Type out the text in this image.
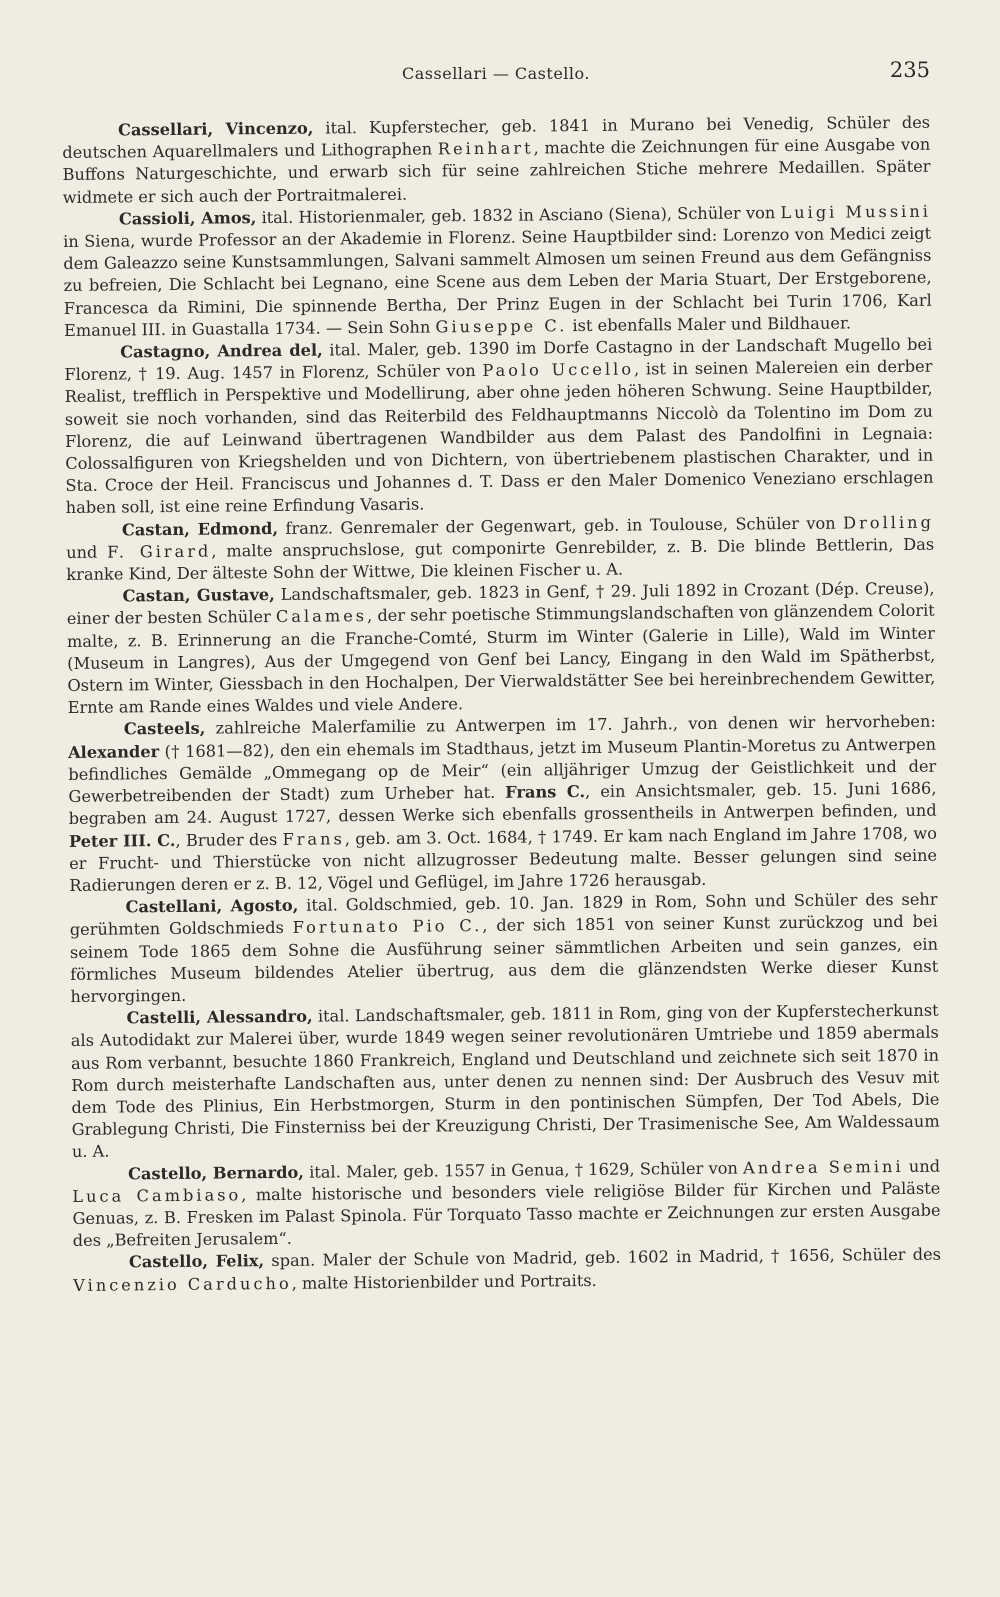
Cassellari — Castello.	235

Cassellari, Vincenzo, ital. Kupferstecher, geb. 1841 in Murano bei Venedig, Schüler des deutschen Aquarellmalers und Lithographen Reinhart, machte die Zeichnungen für eine Ausgabe von Buffons Naturgeschichte, und erwarb sich für seine zahlreichen Stiche mehrere Medaillen. Später widmete er sich auch der Portraitmalerei.

Cassioli, Amos, ital. Historienmaler, geb. 1832 in Asciano (Siena), Schüler von Luigi Mussini in Siena, wurde Professor an der Akademie in Florenz. Seine Hauptbilder sind: Lorenzo von Medici zeigt dem Galeazzo seine Kunstsammlungen, Salvani sammelt Almosen um seinen Freund aus dem Gefängniss zu befreien, Die Schlacht bei Legnano, eine Scene aus dem Leben der Maria Stuart, Der Erstgeborene, Francesca da Rimini, Die spinnende Bertha, Der Prinz Eugen in der Schlacht bei Turin 1706, Karl Emanuel III. in Guastalla 1734. — Sein Sohn Giuseppe C. ist ebenfalls Maler und Bildhauer.

Castagno, Andrea del, ital. Maler, geb. 1390 im Dorfe Castagno in der Landschaft Mugello bei Florenz, † 19. Aug. 1457 in Florenz, Schüler von Paolo Uccello, ist in seinen Malereien ein derber Realist, trefflich in Perspektive und Modellirung, aber ohne jeden höheren Schwung. Seine Hauptbilder, soweit sie noch vorhanden, sind das Reiterbild des Feldhauptmanns Niccolò da Tolentino im Dom zu Florenz, die auf Leinwand übertragenen Wandbilder aus dem Palast des Pandolfini in Legnaia: Colossalfiguren von Kriegshelden und von Dichtern, von übertriebenem plastischen Charakter, und in Sta. Croce der Heil. Franciscus und Johannes d. T. Dass er den Maler Domenico Veneziano erschlagen haben soll, ist eine reine Erfindung Vasaris.

Castan, Edmond, franz. Genremaler der Gegenwart, geb. in Toulouse, Schüler von Drolling und F. Girard, malte anspruchslose, gut componirte Genrebilder, z. B. Die blinde Bettlerin, Das kranke Kind, Der älteste Sohn der Wittwe, Die kleinen Fischer u. A.

Castan, Gustave, Landschaftsmaler, geb. 1823 in Genf, † 29. Juli 1892 in Crozant (Dép. Creuse), einer der besten Schüler Calames, der sehr poetische Stimmungslandschaften von glänzendem Colorit malte, z. B. Erinnerung an die Franche-Comté, Sturm im Winter (Galerie in Lille), Wald im Winter (Museum in Langres), Aus der Umgegend von Genf bei Lancy, Eingang in den Wald im Spätherbst, Ostern im Winter, Giessbach in den Hochalpen, Der Vierwaldstätter See bei hereinbrechendem Gewitter, Ernte am Rande eines Waldes und viele Andere.

Casteels, zahlreiche Malerfamilie zu Antwerpen im 17. Jahrh., von denen wir hervorheben: Alexander († 1681—82), den ein ehemals im Stadthaus, jetzt im Museum Plantin-Moretus zu Antwerpen befindliches Gemälde „Ommegang op de Meir“ (ein alljähriger Umzug der Geistlichkeit und der Gewerbetreibenden der Stadt) zum Urheber hat. Frans C., ein Ansichtsmaler, geb. 15. Juni 1686, begraben am 24. August 1727, dessen Werke sich ebenfalls grossentheils in Antwerpen befinden, und Peter III. C., Bruder des Frans, geb. am 3. Oct. 1684, † 1749. Er kam nach England im Jahre 1708, wo er Frucht- und Thierstücke von nicht allzugrosser Bedeutung malte. Besser gelungen sind seine Radierungen deren er z. B. 12, Vögel und Geflügel, im Jahre 1726 herausgab.

Castellani, Agosto, ital. Goldschmied, geb. 10. Jan. 1829 in Rom, Sohn und Schüler des sehr gerühmten Goldschmieds Fortunato Pio C., der sich 1851 von seiner Kunst zurückzog und bei seinem Tode 1865 dem Sohne die Ausführung seiner sämmtlichen Arbeiten und sein ganzes, ein förmliches Museum bildendes Atelier übertrug, aus dem die glänzendsten Werke dieser Kunst hervorgingen.

Castelli, Alessandro, ital. Landschaftsmaler, geb. 1811 in Rom, ging von der Kupferstecherkunst als Autodidakt zur Malerei über, wurde 1849 wegen seiner revolutionären Umtriebe und 1859 abermals aus Rom verbannt, besuchte 1860 Frankreich, England und Deutschland und zeichnete sich seit 1870 in Rom durch meisterhafte Landschaften aus, unter denen zu nennen sind: Der Ausbruch des Vesuv mit dem Tode des Plinius, Ein Herbstmorgen, Sturm in den pontinischen Sümpfen, Der Tod Abels, Die Grablegung Christi, Die Finsterniss bei der Kreuzigung Christi, Der Trasimenische See, Am Waldessaum u. A.

Castello, Bernardo, ital. Maler, geb. 1557 in Genua, † 1629, Schüler von Andrea Semini und Luca Cambiaso, malte historische und besonders viele religiöse Bilder für Kirchen und Paläste Genuas, z. B. Fresken im Palast Spinola. Für Torquato Tasso machte er Zeichnungen zur ersten Ausgabe des „Befreiten Jerusalem“.

Castello, Felix, span. Maler der Schule von Madrid, geb. 1602 in Madrid, † 1656, Schüler des Vincenzio Carducho, malte Historienbilder und Portraits.
